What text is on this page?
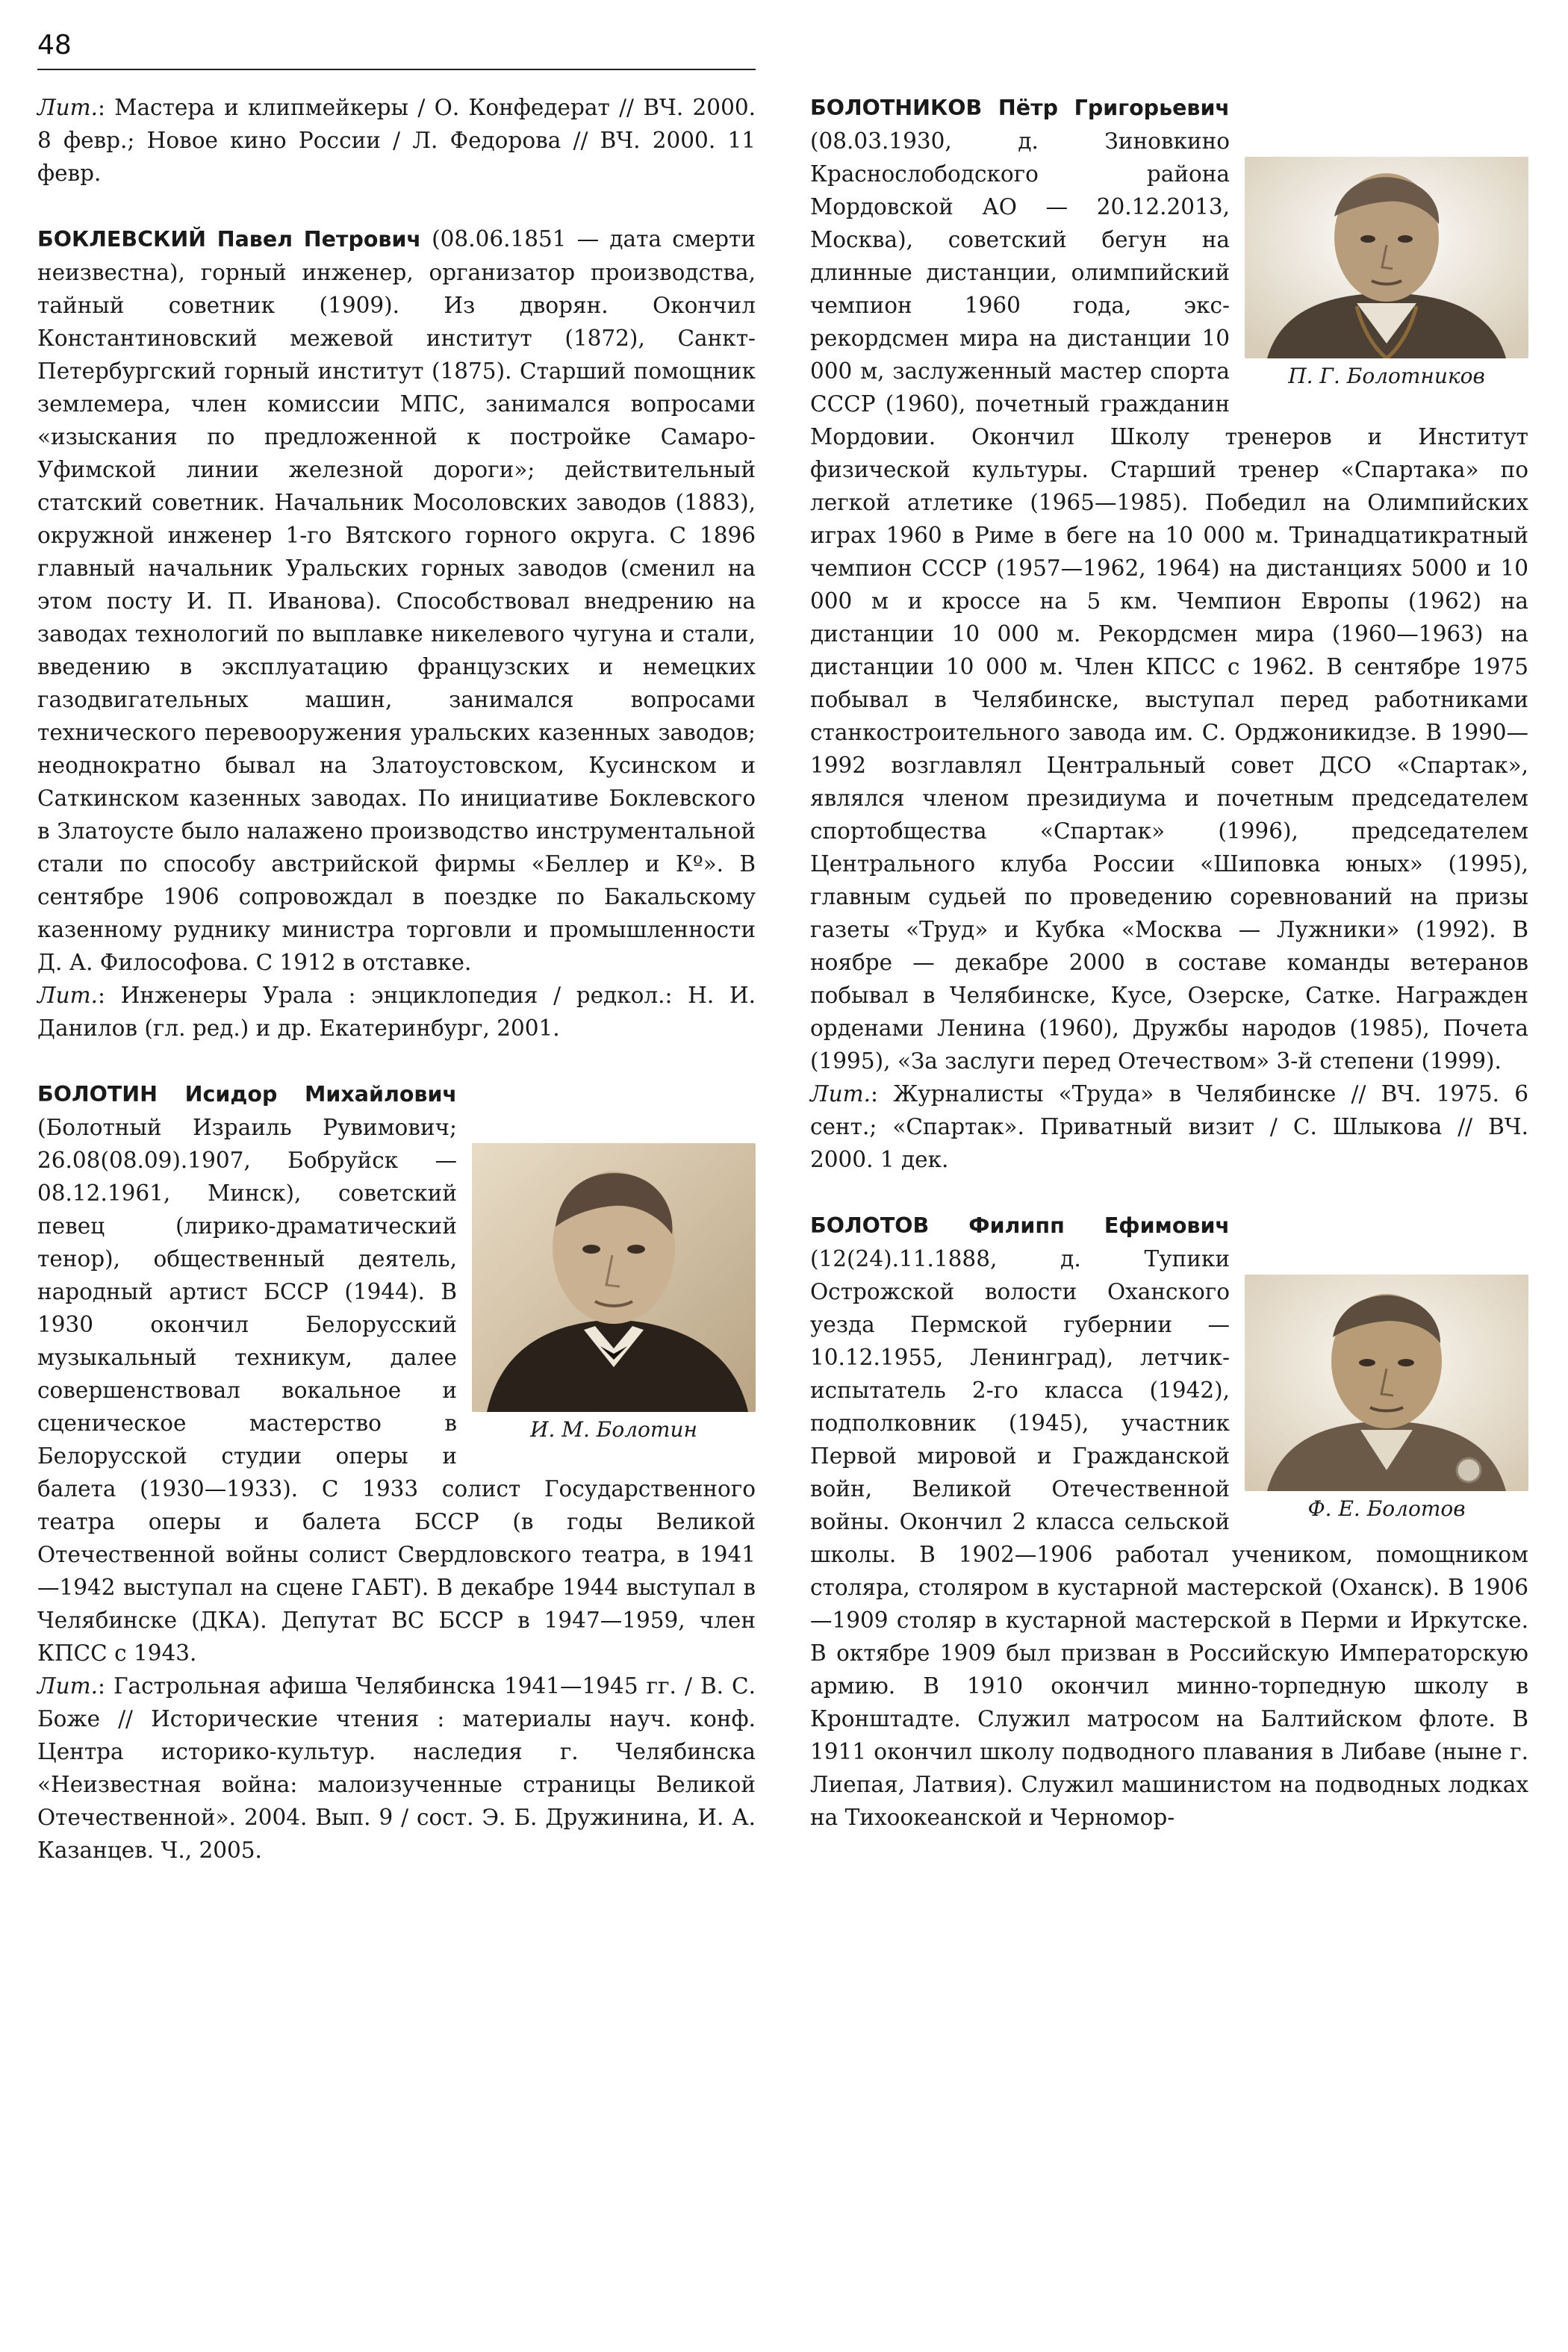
48

Лит.: Мастера и клипмейкеры / О. Конфедерат // ВЧ. 2000. 8 февр.; Новое кино России / Л. Федорова // ВЧ. 2000. 11 февр.

БОКЛЕВСКИЙ Павел Петрович (08.06.1851 — дата смерти неизвестна), горный инженер, организатор производства, тайный советник (1909). Из дворян. Окончил Константиновский межевой институт (1872), Санкт-Петербургский горный институт (1875). Старший помощник землемера, член комиссии МПС, занимался вопросами «изыскания по предложенной к постройке Самаро-Уфимской линии железной дороги»; действительный статский советник. Начальник Мосоловских заводов (1883), окружной инженер 1-го Вятского горного округа. С 1896 главный начальник Уральских горных заводов (сменил на этом посту И. П. Иванова). Способствовал внедрению на заводах технологий по выплавке никелевого чугуна и стали, введению в эксплуатацию французских и немецких газодвигательных машин, занимался вопросами технического перевооружения уральских казенных заводов; неоднократно бывал на Златоустовском, Кусинском и Саткинском казенных заводах. По инициативе Боклевского в Златоусте было налажено производство инструментальной стали по способу австрийской фирмы «Беллер и Кº». В сентябре 1906 сопровождал в поездке по Бакальскому казенному руднику министра торговли и промышленности Д. А. Философова. С 1912 в отставке.

Лит.: Инженеры Урала : энциклопедия / редкол.: Н. И. Данилов (гл. ред.) и др. Екатеринбург, 2001.

И. М. Болотин

БОЛОТИН Исидор Михайлович (Болотный Израиль Рувимович; 26.08(08.09).1907, Бобруйск — 08.12.1961, Минск), советский певец (лирико-драматический тенор), общественный деятель, народный артист БССР (1944). В 1930 окончил Белорусский музыкальный техникум, далее совершенствовал вокальное и сценическое мастерство в Белорусской студии оперы и балета (1930—1933). С 1933 солист Государственного театра оперы и балета БССР (в годы Великой Отечественной войны солист Свердловского театра, в 1941—1942 выступал на сцене ГАБТ). В декабре 1944 выступал в Челябинске (ДКА). Депутат ВС БССР в 1947—1959, член КПСС с 1943.

Лит.: Гастрольная афиша Челябинска 1941—1945 гг. / В. С. Боже // Исторические чтения : материалы науч. конф. Центра историко-культур. наследия г. Челябинска «Неизвестная война: малоизученные страницы Великой Отечественной». 2004. Вып. 9 / сост. Э. Б. Дружинина, И. А. Казанцев. Ч., 2005.

П. Г. Болотников

БОЛОТНИКОВ Пётр Григорьевич (08.03.1930, д. Зиновкино Краснослободского района Мордовской АО — 20.12.2013, Москва), советский бегун на длинные дистанции, олимпийский чемпион 1960 года, экс-рекордсмен мира на дистанции 10 000 м, заслуженный мастер спорта СССР (1960), почетный гражданин Мордовии. Окончил Школу тренеров и Институт физической культуры. Старший тренер «Спартака» по легкой атлетике (1965—1985). Победил на Олимпийских играх 1960 в Риме в беге на 10 000 м. Тринадцатикратный чемпион СССР (1957—1962, 1964) на дистанциях 5000 и 10 000 м и кроссе на 5 км. Чемпион Европы (1962) на дистанции 10 000 м. Рекордсмен мира (1960—1963) на дистанции 10 000 м. Член КПСС с 1962. В сентябре 1975 побывал в Челябинске, выступал перед работниками станкостроительного завода им. С. Орджоникидзе. В 1990—1992 возглавлял Центральный совет ДСО «Спартак», являлся членом президиума и почетным председателем спортобщества «Спартак» (1996), председателем Центрального клуба России «Шиповка юных» (1995), главным судьей по проведению соревнований на призы газеты «Труд» и Кубка «Москва — Лужники» (1992). В ноябре — декабре 2000 в составе команды ветеранов побывал в Челябинске, Кусе, Озерске, Сатке. Награжден орденами Ленина (1960), Дружбы народов (1985), Почета (1995), «За заслуги перед Отечеством» 3-й степени (1999).

Лит.: Журналисты «Труда» в Челябинске // ВЧ. 1975. 6 сент.; «Спартак». Приватный визит / С. Шлыкова // ВЧ. 2000. 1 дек.

Ф. Е. Болотов

БОЛОТОВ Филипп Ефимович (12(24).11.1888, д. Тупики Острожской волости Оханского уезда Пермской губернии — 10.12.1955, Ленинград), летчик-испытатель 2-го класса (1942), подполковник (1945), участник Первой мировой и Гражданской войн, Великой Отечественной войны. Окончил 2 класса сельской школы. В 1902—1906 работал учеником, помощником столяра, столяром в кустарной мастерской (Оханск). В 1906—1909 столяр в кустарной мастерской в Перми и Иркутске. В октябре 1909 был призван в Российскую Императорскую армию. В 1910 окончил минно-торпедную школу в Кронштадте. Служил матросом на Балтийском флоте. В 1911 окончил школу подводного плавания в Либаве (ныне г. Лиепая, Латвия). Служил машинистом на подводных лодках на Тихоокеанской и Черномор-
